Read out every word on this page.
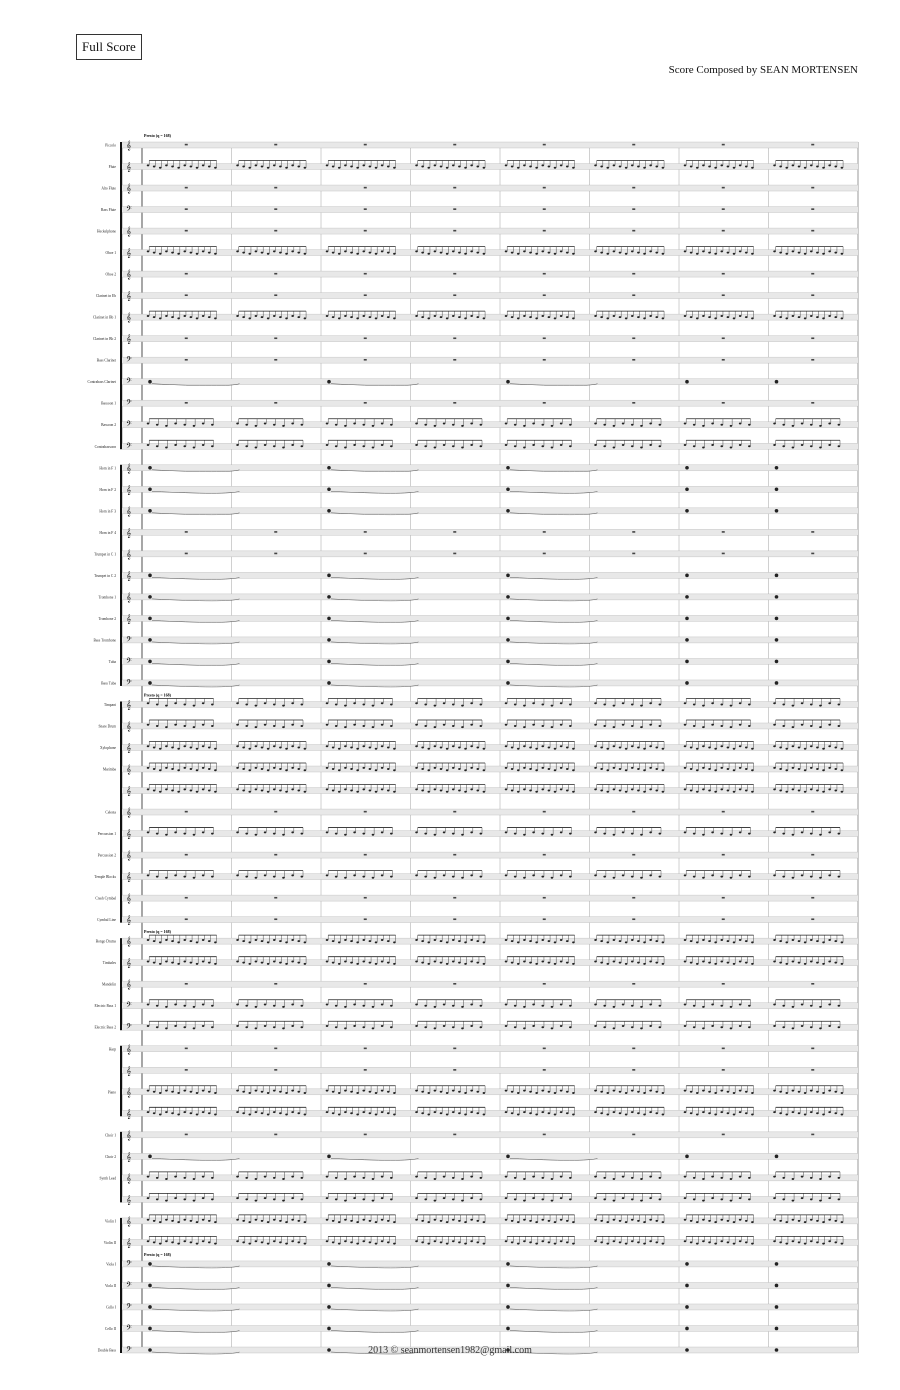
Full Score
Score Composed by SEAN MORTENSEN
𝄞
Piccolo
𝄞
Flute
𝄞
Alto Flute
𝄢
Bass Flute
𝄞
Heckelphone
𝄞
Oboe 1
𝄞
Oboe 2
𝄞
Clarinet in Eb
𝄞
Clarinet in Bb 1
𝄞
Clarinet in Bb 2
𝄢
Bass Clarinet
𝄢
Contrabass Clarinet
𝄢
Bassoon 1
𝄢
Bassoon 2
𝄢
Contrabassoon
𝄞
Horn in F 1
𝄞
Horn in F 2
𝄞
Horn in F 3
𝄞
Horn in F 4
𝄞
Trumpet in C 1
𝄞
Trumpet in C 2
𝄞
Trombone 1
𝄞
Trombone 2
𝄢
Bass Trombone
𝄢
Tuba
𝄢
Bass Tuba
𝄞
Timpani
𝄞
Snare Drum
𝄞
Xylophone
𝄞
Marimba
𝄞
𝄞
Celesta
𝄞
Percussion 1
𝄞
Percussion 2
𝄞
Temple Blocks
𝄞
Crash Cymbal
𝄞
Cymbal Line
𝄞
Bongo Drums
𝄞
Timbales
𝄞
Mandolin
𝄢
Electric Bass 1
𝄢
Electric Bass 2
𝄞
Harp
𝄞
𝄞
Piano
𝄞
𝄞
Choir 1
𝄞
Choir 2
𝄞
Synth Lead
𝄞
𝄞
Violin I
𝄞
Violin II
𝄢
Viola I
𝄢
Viola II
𝄢
Cello I
𝄢
Cello II
𝄢
Double Bass
Presto (q = 168)
Presto (q = 168)
Presto (q = 168)
Presto (q = 168)
2013 © seanmortensen1982@gmail.com
